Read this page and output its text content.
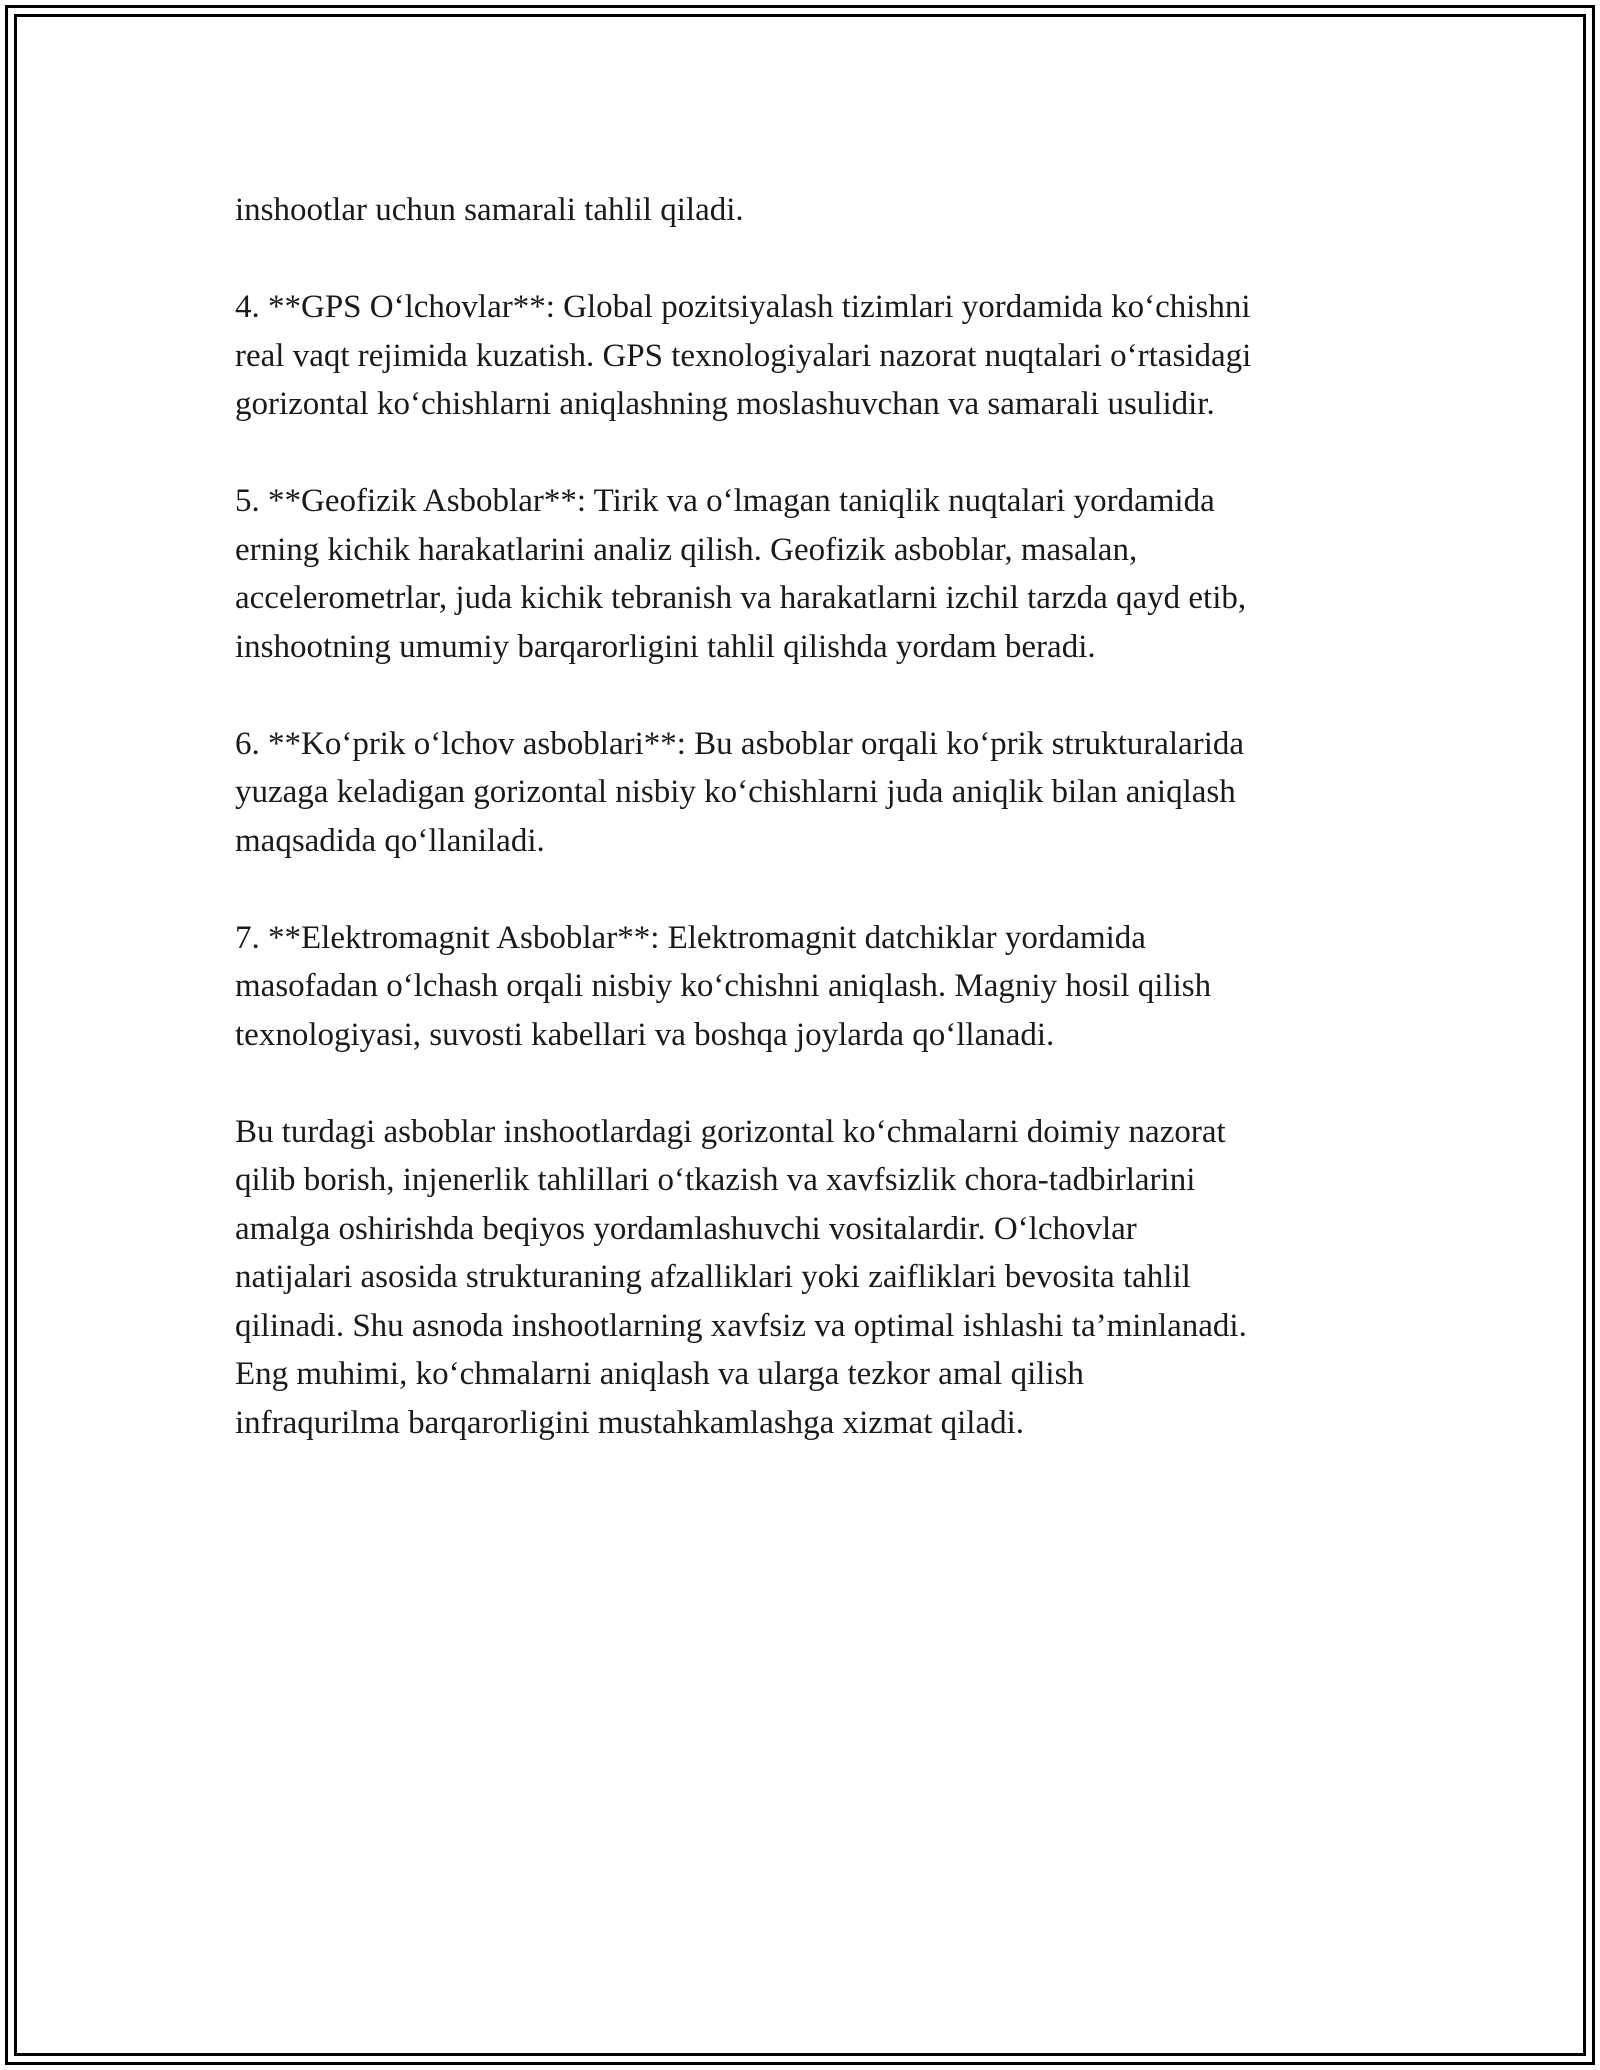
inshootlar uchun samarali tahlil qiladi.

4. **GPS O‘lchovlar**: Global pozitsiyalash tizimlari yordamida ko‘chishni
real vaqt rejimida kuzatish. GPS texnologiyalari nazorat nuqtalari o‘rtasidagi
gorizontal ko‘chishlarni aniqlashning moslashuvchan va samarali usulidir.

5. **Geofizik Asboblar**: Tirik va o‘lmagan taniqlik nuqtalari yordamida
erning kichik harakatlarini analiz qilish. Geofizik asboblar, masalan,
accelerometrlar, juda kichik tebranish va harakatlarni izchil tarzda qayd etib,
inshootning umumiy barqarorligini tahlil qilishda yordam beradi.

6. **Ko‘prik o‘lchov asboblari**: Bu asboblar orqali ko‘prik strukturalarida
yuzaga keladigan gorizontal nisbiy ko‘chishlarni juda aniqlik bilan aniqlash
maqsadida qo‘llaniladi.

7. **Elektromagnit Asboblar**: Elektromagnit datchiklar yordamida
masofadan o‘lchash orqali nisbiy ko‘chishni aniqlash. Magniy hosil qilish
texnologiyasi, suvosti kabellari va boshqa joylarda qo‘llanadi.

Bu turdagi asboblar inshootlardagi gorizontal ko‘chmalarni doimiy nazorat
qilib borish, injenerlik tahlillari o‘tkazish va xavfsizlik chora-tadbirlarini
amalga oshirishda beqiyos yordamlashuvchi vositalardir. O‘lchovlar
natijalari asosida strukturaning afzalliklari yoki zaifliklari bevosita tahlil
qilinadi. Shu asnoda inshootlarning xavfsiz va optimal ishlashi ta’minlanadi.
Eng muhimi, ko‘chmalarni aniqlash va ularga tezkor amal qilish
infraqurilma barqarorligini mustahkamlashga xizmat qiladi.
